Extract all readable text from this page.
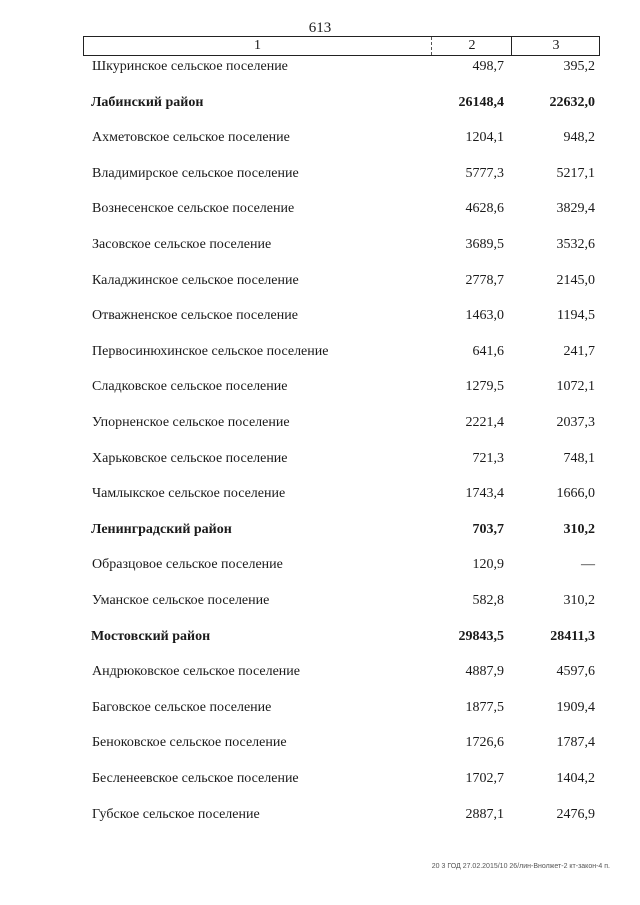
613
1	2	3
Шкуринское сельское поселение	498,7	395,2
Лабинский район	26148,4	22632,0
Ахметовское сельское поселение	1204,1	948,2
Владимирское сельское поселение	5777,3	5217,1
Вознесенское сельское поселение	4628,6	3829,4
Засовское сельское поселение	3689,5	3532,6
Каладжинское сельское поселение	2778,7	2145,0
Отважненское сельское поселение	1463,0	1194,5
Первосинюхинское сельское поселение	641,6	241,7
Сладковское сельское поселение	1279,5	1072,1
Упорненское сельское поселение	2221,4	2037,3
Харьковское сельское поселение	721,3	748,1
Чамлыкское сельское поселение	1743,4	1666,0
Ленинградский район	703,7	310,2
Образцовое сельское поселение	120,9	—
Уманское сельское поселение	582,8	310,2
Мостовский район	29843,5	28411,3
Андрюковское сельское поселение	4887,9	4597,6
Баговское сельское поселение	1877,5	1909,4
Беноковское сельское поселение	1726,6	1787,4
Бесленеевское сельское поселение	1702,7	1404,2
Губское сельское поселение	2887,1	2476,9
20 3 ГОД 27.02.2015/10 26/лин-Внолжет-2 кт-закон-4 п.
